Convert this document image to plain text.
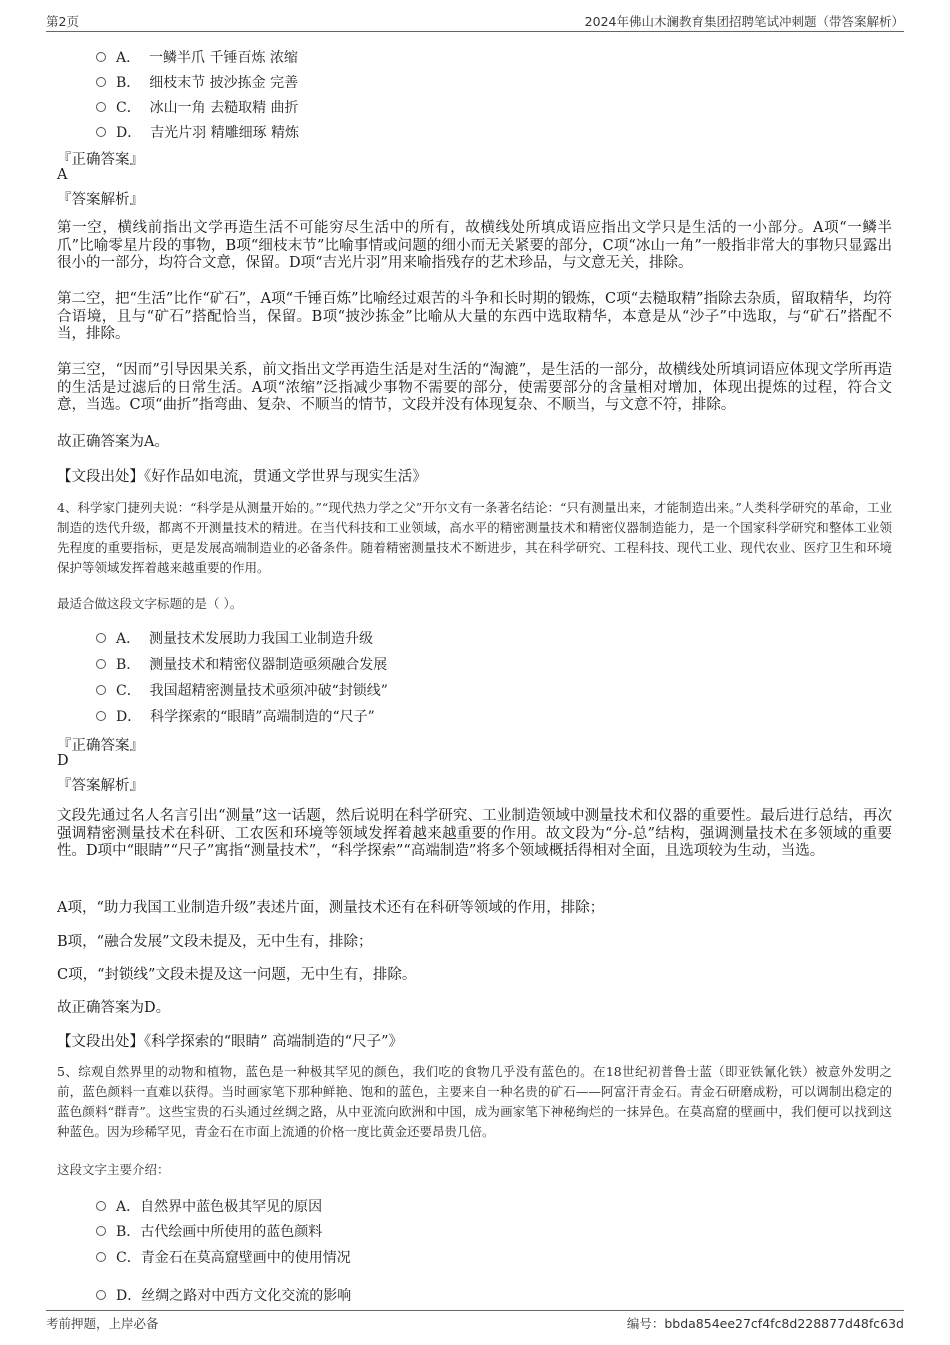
第2页	2024年佛山木澜教育集团招聘笔试冲刺题（带答案解析）
A． 一鳞半爪 千锤百炼 浓缩
B． 细枝末节 披沙拣金 完善
C． 冰山一角 去糙取精 曲折
D． 吉光片羽 精雕细琢 精炼
『正确答案』
A
『答案解析』
第一空，横线前指出文学再造生活不可能穷尽生活中的所有，故横线处所填成语应指出文学只是生活的一小部分。A项“一鳞半爪”比喻零星片段的事物，B项“细枝末节”比喻事情或问题的细小而无关紧要的部分，C项“冰山一角”一般指非常大的事物只显露出很小的一部分，均符合文意，保留。D项“吉光片羽”用来喻指残存的艺术珍品，与文意无关，排除。
第二空，把“生活”比作“矿石”，A项“千锤百炼”比喻经过艰苦的斗争和长时期的锻炼，C项“去糙取精”指除去杂质，留取精华，均符合语境，且与“矿石”搭配恰当，保留。B项“披沙拣金”比喻从大量的东西中选取精华，本意是从“沙子”中选取，与“矿石”搭配不当，排除。
第三空，“因而”引导因果关系，前文指出文学再造生活是对生活的“淘漉”，是生活的一部分，故横线处所填词语应体现文学所再造的生活是过滤后的日常生活。A项“浓缩”泛指减少事物不需要的部分，使需要部分的含量相对增加，体现出提炼的过程，符合文意，当选。C项“曲折”指弯曲、复杂、不顺当的情节，文段并没有体现复杂、不顺当，与文意不符，排除。
故正确答案为A。
【文段出处】《好作品如电流，贯通文学世界与现实生活》
4、科学家门捷列夫说：“科学是从测量开始的。”“现代热力学之父”开尔文有一条著名结论：“只有测量出来，才能制造出来。”人类科学研究的革命，工业制造的迭代升级，都离不开测量技术的精进。在当代科技和工业领域，高水平的精密测量技术和精密仪器制造能力，是一个国家科学研究和整体工业领先程度的重要指标，更是发展高端制造业的必备条件。随着精密测量技术不断进步，其在科学研究、工程科技、现代工业、现代农业、医疗卫生和环境保护等领域发挥着越来越重要的作用。
最适合做这段文字标题的是（ ）。
A． 测量技术发展助力我国工业制造升级
B． 测量技术和精密仪器制造亟须融合发展
C． 我国超精密测量技术亟须冲破“封锁线”
D． 科学探索的“眼睛”高端制造的“尺子”
『正确答案』
D
『答案解析』
文段先通过名人名言引出“测量”这一话题，然后说明在科学研究、工业制造领域中测量技术和仪器的重要性。最后进行总结，再次强调精密测量技术在科研、工农医和环境等领域发挥着越来越重要的作用。故文段为“分-总”结构，强调测量技术在多领域的重要性。D项中“眼睛”“尺子”寓指“测量技术”，“科学探索”“高端制造”将多个领域概括得相对全面，且选项较为生动，当选。
A项，“助力我国工业制造升级”表述片面，测量技术还有在科研等领域的作用，排除；
B项，“融合发展”文段未提及，无中生有，排除；
C项，“封锁线”文段未提及这一问题，无中生有，排除。
故正确答案为D。
【文段出处】《科学探索的“眼睛” 高端制造的“尺子”》
5、综观自然界里的动物和植物，蓝色是一种极其罕见的颜色，我们吃的食物几乎没有蓝色的。在18世纪初普鲁士蓝（即亚铁氰化铁）被意外发明之前，蓝色颜料一直难以获得。当时画家笔下那种鲜艳、饱和的蓝色，主要来自一种名贵的矿石——阿富汗青金石。青金石研磨成粉，可以调制出稳定的蓝色颜料“群青”。这些宝贵的石头通过丝绸之路，从中亚流向欧洲和中国，成为画家笔下神秘绚烂的一抹异色。在莫高窟的壁画中，我们便可以找到这种蓝色。因为珍稀罕见，青金石在市面上流通的价格一度比黄金还要昂贵几倍。
这段文字主要介绍：
A．自然界中蓝色极其罕见的原因
B．古代绘画中所使用的蓝色颜料
C．青金石在莫高窟壁画中的使用情况
D．丝绸之路对中西方文化交流的影响
考前押题，上岸必备	编号：bbda854ee27cf4fc8d228877d48fc63d
